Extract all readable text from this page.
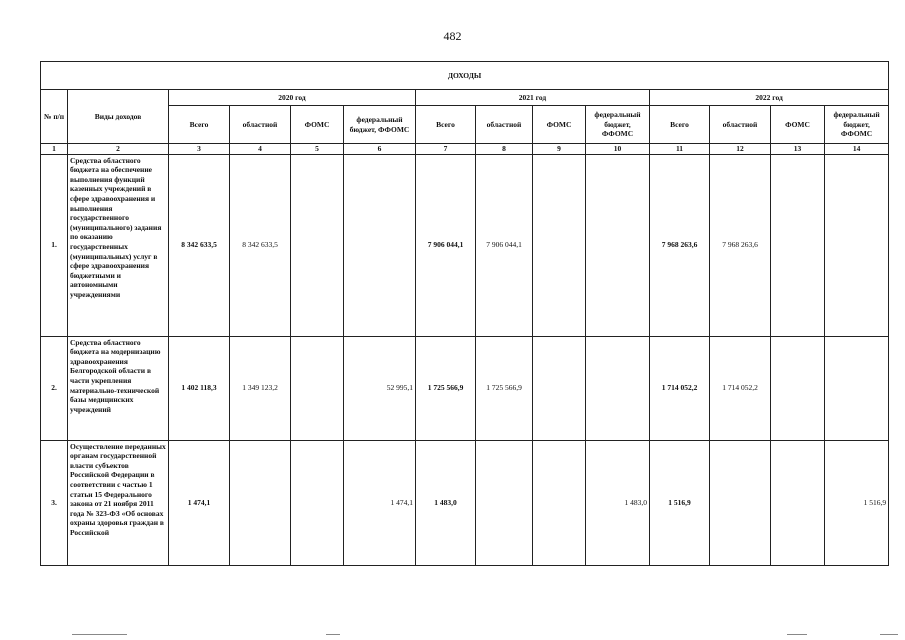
482
ДОХОДЫ													
№ п/п	Виды доходов	2020 год				2021 год				2022 год			
		Всего	областной	ФОМС	федеральный бюджет, ФФОМС	Всего	областной	ФОМС	федеральный бюджет, ФФОМС	Всего	областной	ФОМС	федеральный бюджет, ФФОМС
1	2	3	4	5	6	7	8	9	10	11	12	13	14
1.	Средства областного бюджета на обеспечение выполнения функций казенных учреждений в сфере здравоохранения и выполнения государственного (муниципального) задания по оказанию государственных (муниципальных) услуг в сфере здравоохранения бюджетными и автономными учреждениями	8 342 633,5	8 342 633,5			7 906 044,1	7 906 044,1			7 968 263,6	7 968 263,6		
2.	Средства областного бюджета на модернизацию здравоохранения Белгородской области в части укрепления материально-технической базы медицинских учреждений	1 402 118,3	1 349 123,2		52 995,1	1 725 566,9	1 725 566,9			1 714 052,2	1 714 052,2		
3.	Осуществление переданных органам государственной власти субъектов Российской Федерации в соответствии с частью 1 статьи 15 Федерального закона от 21 ноября 2011 года № 323-ФЗ «Об основах охраны здоровья граждан в Российской	1 474,1			1 474,1	1 483,0			1 483,0	1 516,9			1 516,9
